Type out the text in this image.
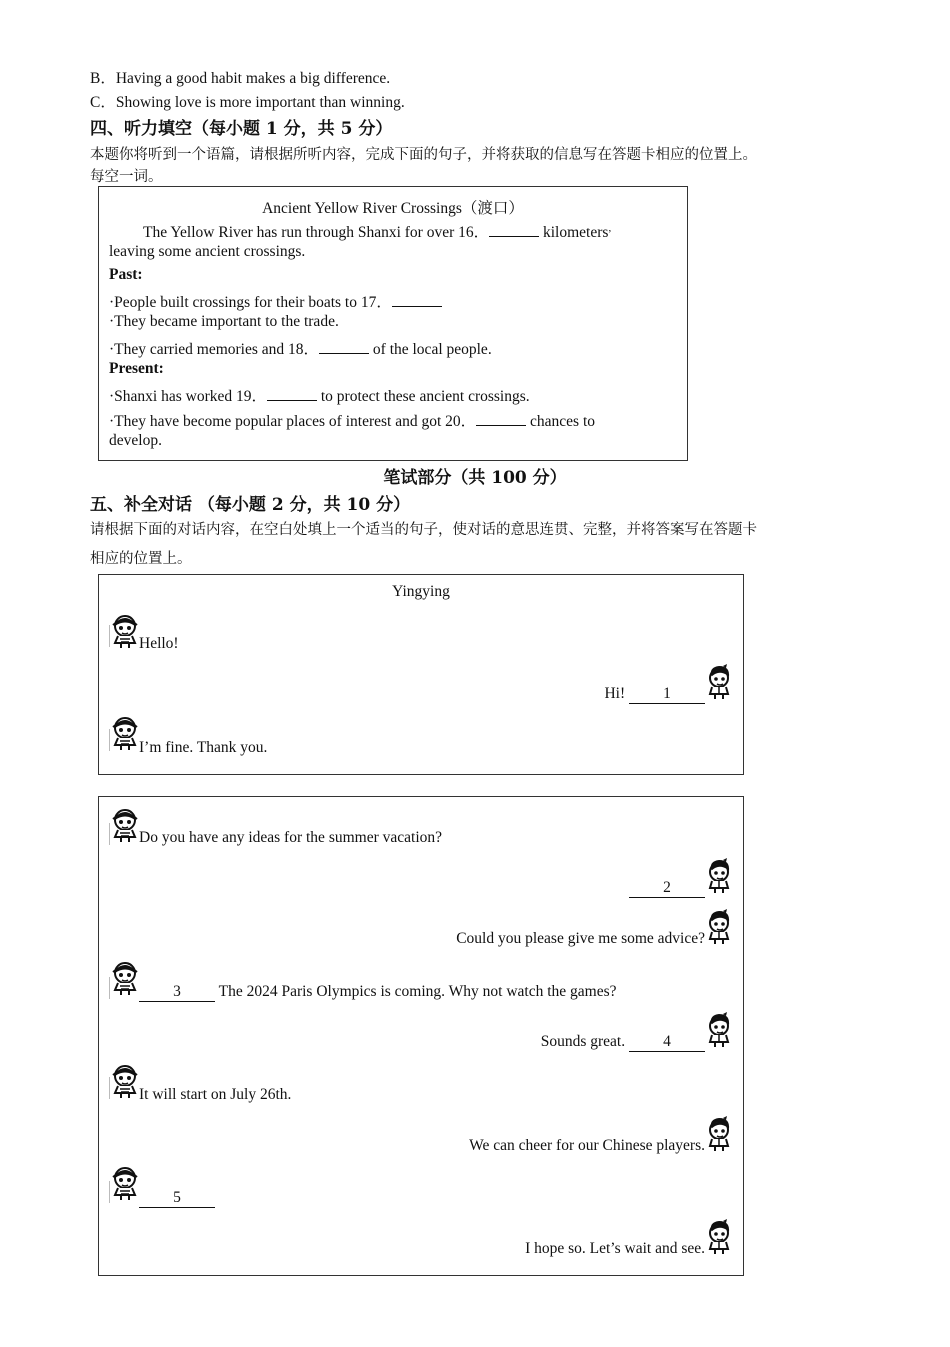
B．Having a good habit makes a big difference.
C．Showing love is more important than winning.
四、听力填空（每小题 1 分，共 5 分）
本题你将听到一个语篇，请根据所听内容，完成下面的句子，并将获取的信息写在答题卡相应的位置上。
每空一词。
Ancient Yellow River Crossings（渡口）
The Yellow River has run through Shanxi for over 16．	kilometers,
leaving some ancient crossings.
Past:
·People built crossings for their boats to 17．
·They became important to the trade.
·They carried memories and 18．	of the local people.
Present:
·Shanxi has worked 19．	to protect these ancient crossings.
·They have become popular places of interest and got 20．	chances to
develop.
笔试部分（共 100 分）
五、补全对话 （每小题 2 分，共 10 分）
请根据下面的对话内容，在空白处填上一个适当的句子，使对话的意思连贯、完整，并将答案写在答题卡
相应的位置上。
Yingying
Hello!
Hi! 1
I’m fine. Thank you.
Do you have any ideas for the summer vacation?
2
Could you please give me some advice?
3 The 2024 Paris Olympics is coming. Why not watch the games?
Sounds great. 4
It will start on July 26th.
We can cheer for our Chinese players.
5
I hope so. Let’s wait and see.
